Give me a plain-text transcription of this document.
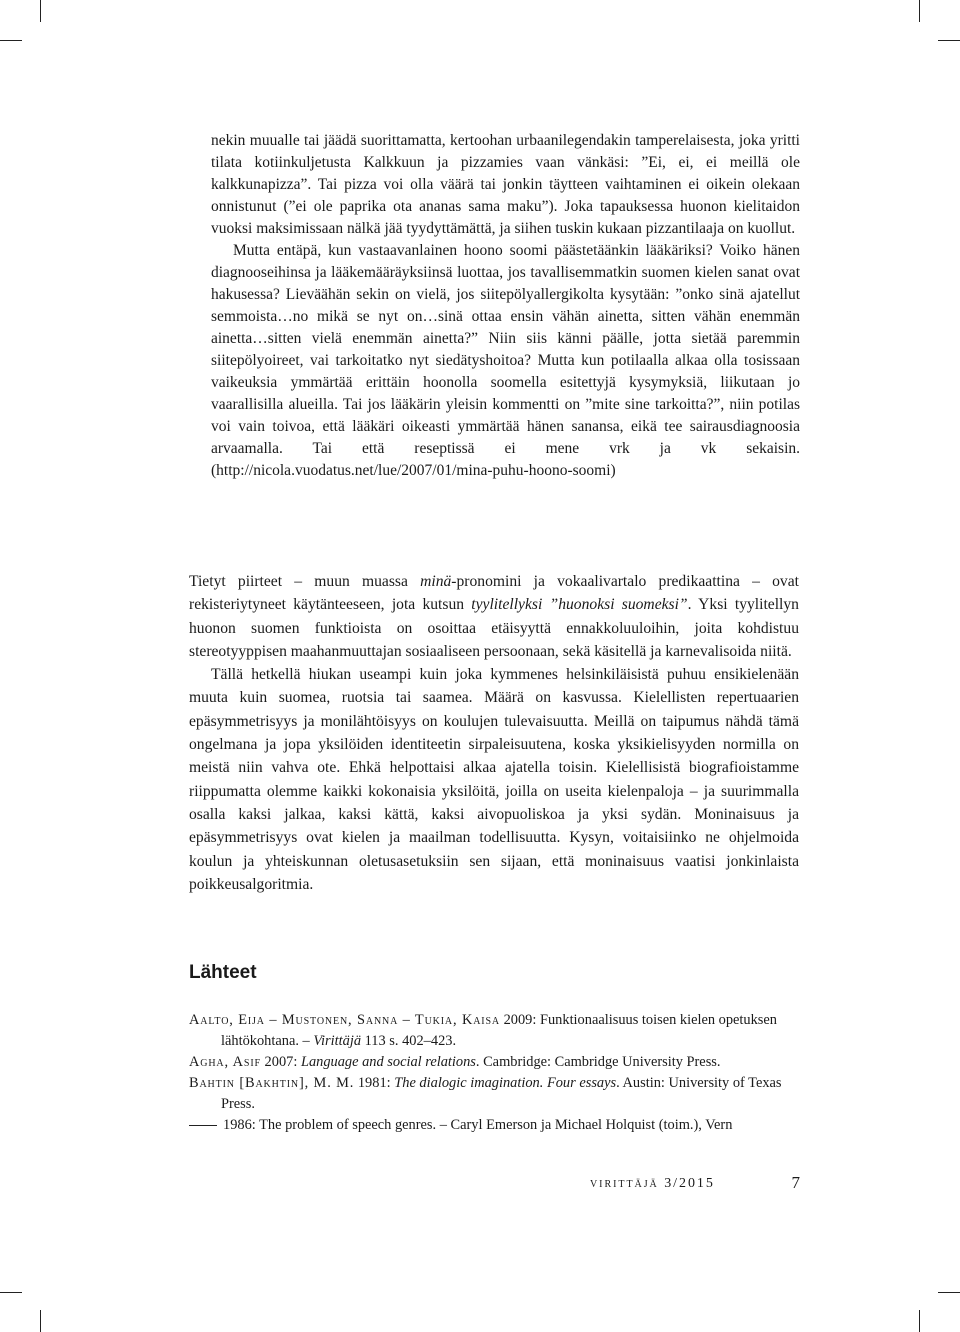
nekin muualle tai jäädä suorittamatta, kertoohan urbaanilegendakin tamperelaisesta, joka yritti tilata kotiinkuljetusta Kalkkuun ja pizzamies vaan vänkäsi: ”Ei, ei, ei meillä ole kalkkunapizza”. Tai pizza voi olla väärä tai jonkin täytteen vaihtaminen ei oikein olekaan onnistunut (”ei ole paprika ota ananas sama maku”). Joka tapauksessa huonon kielitaidon vuoksi maksimissaan nälkä jää tyydyttämättä, ja siihen tuskin kukaan pizzantilaaja on kuollut.

Mutta entäpä, kun vastaavanlainen hoono soomi päästetäänkin lääkäriksi? Voiko hänen diagnooseihinsa ja lääkemääräyksiinsä luottaa, jos tavallisemmatkin suomen kielen sanat ovat hakusessa? Lieväähän sekin on vielä, jos siitepölyallergikolta kysytään: ”onko sinä ajatellut semmoista…no mikä se nyt on…sinä ottaa ensin vähän ainetta, sitten vähän enemmän ainetta…sitten vielä enemmän ainetta?” Niin siis känni päälle, jotta sietää paremmin siitepölyoireet, vai tarkoitatko nyt siedätyshoitoa? Mutta kun potilaalla alkaa olla tosissaan vaikeuksia ymmärtää erittäin hoonolla soomella esitettyjä kysymyksiä, liikutaan jo vaarallisilla alueilla. Tai jos lääkärin yleisin kommentti on ”mite sine tarkoitta?”, niin potilas voi vain toivoa, että lääkäri oikeasti ymmärtää hänen sanansa, eikä tee sairausdiagnoosia arvaamalla. Tai että reseptissä ei mene vrk ja vk sekaisin. (http://nicola.vuodatus.net/lue/2007/01/mina-puhu-hoono-soomi)

Tietyt piirteet – muun muassa minä-pronomini ja vokaalivartalo predikaattina – ovat rekisteriytyneet käytänteeseen, jota kutsun tyylitellyksi ”huonoksi suomeksi”. Yksi tyylitellyn huonon suomen funktioista on osoittaa etäisyyttä ennakkoluuloihin, joita kohdistuu stereotyyppisen maahanmuuttajan sosiaaliseen persoonaan, sekä käsitellä ja karnevalisoida niitä.

Tällä hetkellä hiukan useampi kuin joka kymmenes helsinkiläisistä puhuu ensikielenään muuta kuin suomea, ruotsia tai saamea. Määrä on kasvussa. Kielellisten repertuaarien epäsymmetrisyys ja monilähtöisyys on koulujen tulevaisuutta. Meillä on taipumus nähdä tämä ongelmana ja jopa yksilöiden identiteetin sirpaleisuutena, koska yksikielisyyden normilla on meistä niin vahva ote. Ehkä helpottaisi alkaa ajatella toisin. Kielellisistä biografioistamme riippumatta olemme kaikki kokonaisia yksilöitä, joilla on useita kielenpaloja – ja suurimmalla osalla kaksi jalkaa, kaksi kättä, kaksi aivopuoliskoa ja yksi sydän. Moninaisuus ja epäsymmetrisyys ovat kielen ja maailman todellisuutta. Kysyn, voitaisiinko ne ohjelmoida koulun ja yhteiskunnan oletusasetuksiin sen sijaan, että moninaisuus vaatisi jonkinlaista poikkeusalgoritmia.

Lähteet
Aalto, Eija – Mustonen, Sanna – Tukia, Kaisa 2009: Funktionaalisuus toisen kielen opetuksen lähtökohtana. – Virittäjä 113 s. 402–423.
Agha, Asif 2007: Language and social relations. Cambridge: Cambridge University Press.
Bahtin [Bakhtin], M. M. 1981: The dialogic imagination. Four essays. Austin: University of Texas Press.
1986: The problem of speech genres. – Caryl Emerson ja Michael Holquist (toim.), Vern
virittäjä 3/2015	7
